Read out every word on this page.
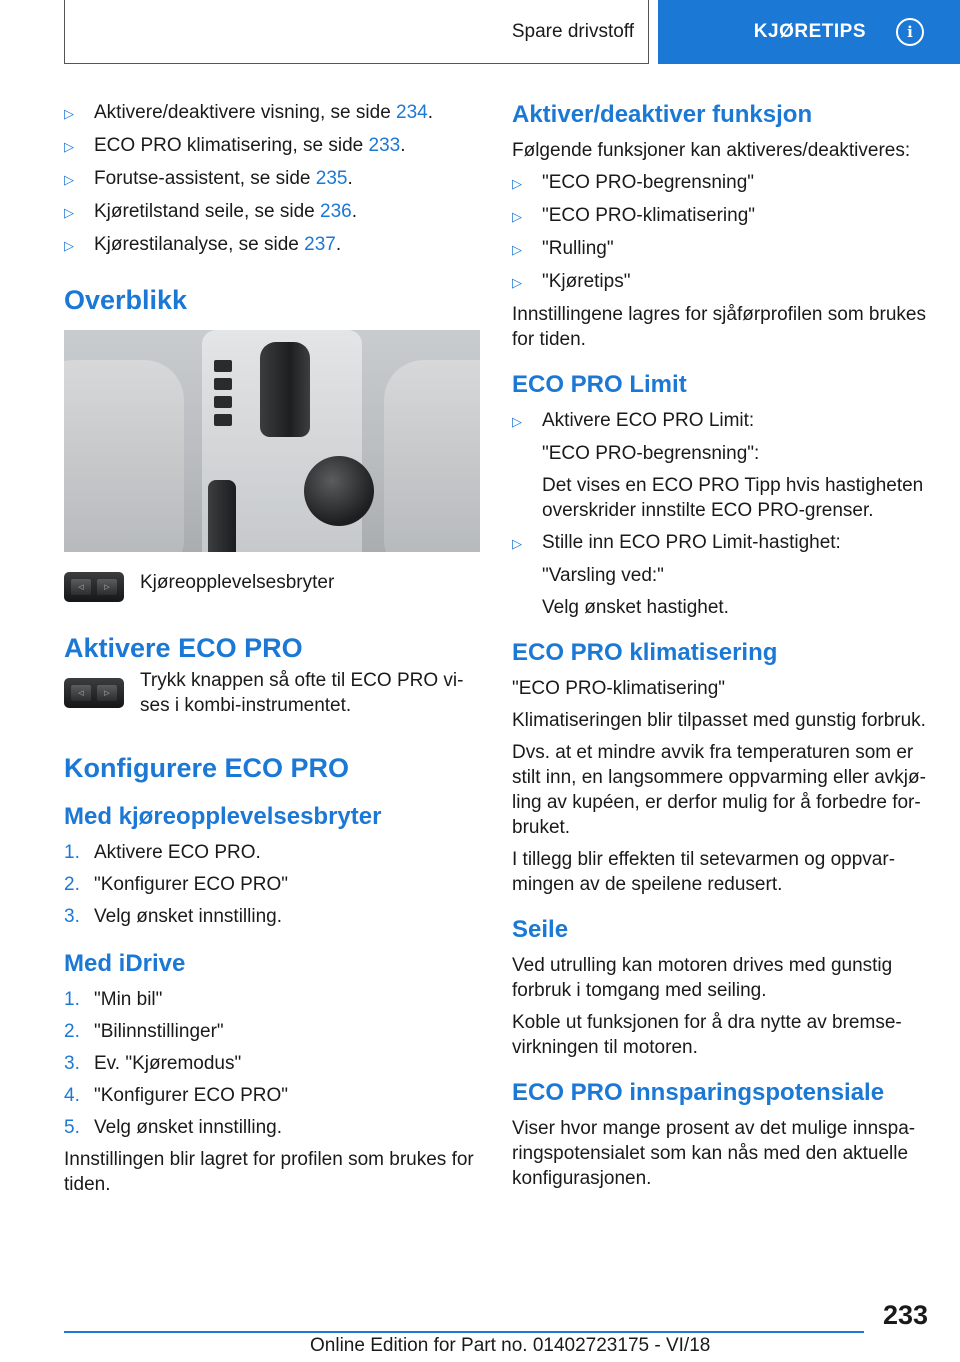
Spare drivstoff	KJØRETIPS	i
▷	Aktivere/deaktivere visning, se side 234.
▷	ECO PRO klimatisering, se side 233.
▷	Forutse-assistent, se side 235.
▷	Kjøretilstand seile, se side 236.
▷	Kjørestilanalyse, se side 237.
Overblikk
◁	▷	Kjøreopplevelsesbryter
Aktivere ECO PRO
◁	▷
Trykk knappen så ofte til ECO PRO vises i kombi-instrumentet.
Konfigurere ECO PRO
Med kjøreopplevelsesbryter
1. Aktivere ECO PRO.
2. "Konfigurer ECO PRO"
3. Velg ønsket innstilling.
Med iDrive
1. "Min bil"
2. "Bilinnstillinger"
3. Ev. "Kjøremodus"
4. "Konfigurer ECO PRO"
5. Velg ønsket innstilling.

Innstillingen blir lagret for profilen som brukes for tiden.

Aktiver/deaktiver funksjon

Følgende funksjoner kan aktiveres/deaktiveres:

▷	"ECO PRO-begrensning"
▷	"ECO PRO-klimatisering"
▷	"Rulling"
▷	"Kjøretips"

Innstillingene lagres for sjåførprofilen som brukes for tiden.

ECO PRO Limit
▷	Aktivere ECO PRO Limit:
"ECO PRO-begrensning":
Det vises en ECO PRO Tipp hvis hastigheten overskrider innstilte ECO PRO-grenser.
▷	Stille inn ECO PRO Limit-hastighet:
"Varsling ved:"
Velg ønsket hastighet.
ECO PRO klimatisering

"ECO PRO-klimatisering"

Klimatiseringen blir tilpasset med gunstig forbruk.

Dvs. at et mindre avvik fra temperaturen som er stilt inn, en langsommere oppvarming eller avkjøling av kupéen, er derfor mulig for å forbedre forbruket.

I tillegg blir effekten til setevarmen og oppvarmingen av de speilene redusert.

Seile

Ved utrulling kan motoren drives med gunstig forbruk i tomgang med seiling.

Koble ut funksjonen for å dra nytte av bremsevirkningen til motoren.

ECO PRO innsparingspotensiale

Viser hvor mange prosent av det mulige innsparingspotensialet som kan nås med den aktuelle konfigurasjonen.

233
Online Edition for Part no. 01402723175 - VI/18
